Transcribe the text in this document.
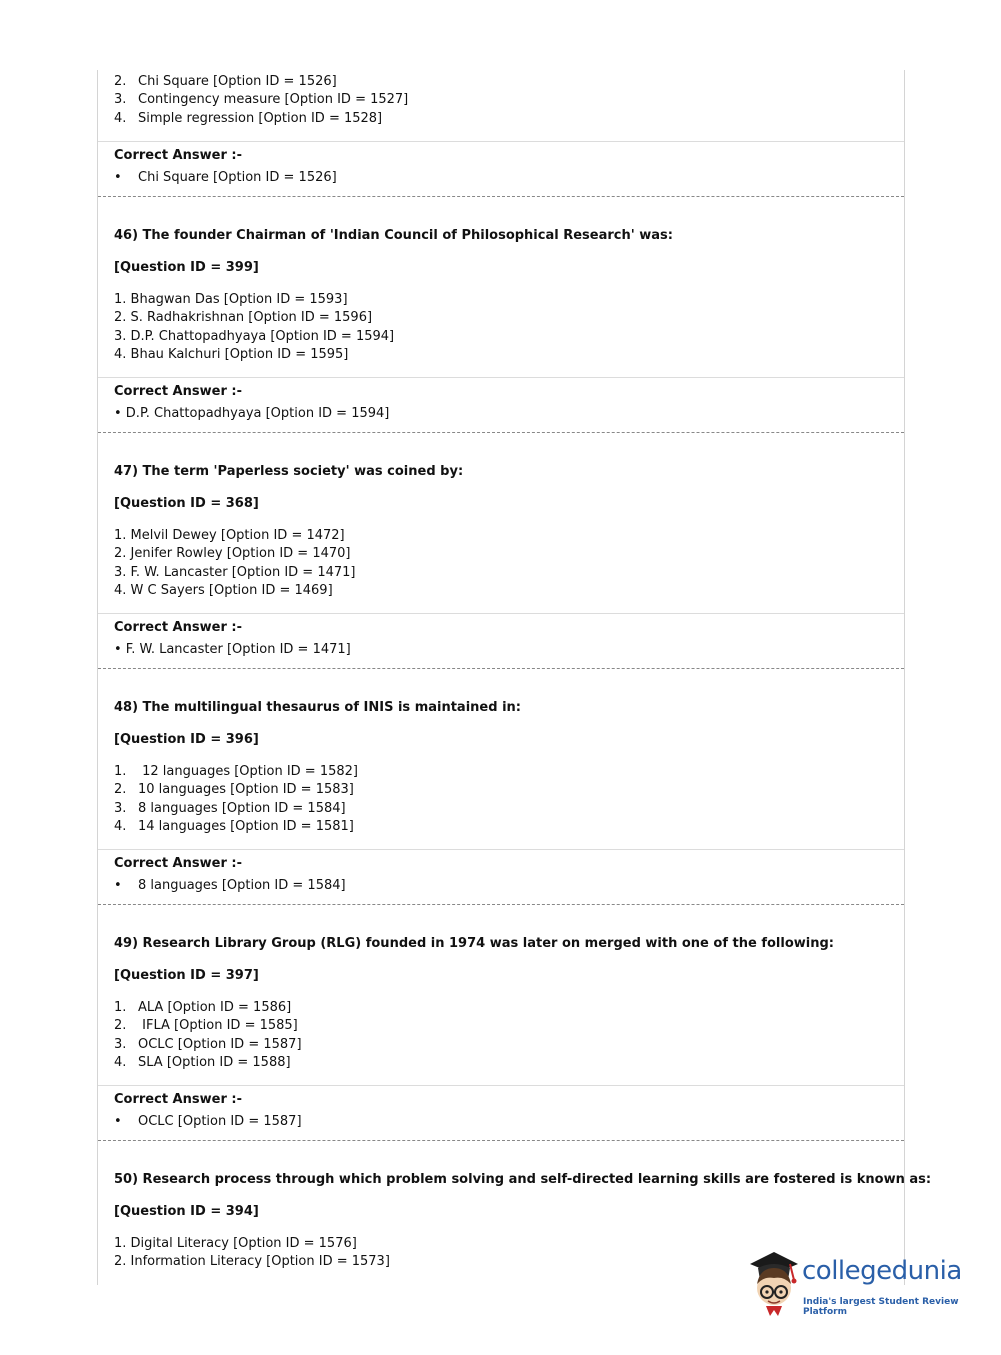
2. Chi Square [Option ID = 1526]
3. Contingency measure [Option ID = 1527]
4. Simple regression [Option ID = 1528]
Correct Answer :-
• Chi Square [Option ID = 1526]
46) The founder Chairman of 'Indian Council of Philosophical Research' was:
[Question ID = 399]
1. Bhagwan Das [Option ID = 1593]
2. S. Radhakrishnan [Option ID = 1596]
3. D.P. Chattopadhyaya [Option ID = 1594]
4. Bhau Kalchuri [Option ID = 1595]
Correct Answer :-
• D.P. Chattopadhyaya [Option ID = 1594]
47) The term 'Paperless society' was coined by:
[Question ID = 368]
1. Melvil Dewey [Option ID = 1472]
2. Jenifer Rowley [Option ID = 1470]
3. F. W. Lancaster [Option ID = 1471]
4. W C Sayers [Option ID = 1469]
Correct Answer :-
• F. W. Lancaster [Option ID = 1471]
48) The multilingual thesaurus of INIS is maintained in:
[Question ID = 396]
1. 12 languages [Option ID = 1582]
2. 10 languages [Option ID = 1583]
3. 8 languages [Option ID = 1584]
4. 14 languages [Option ID = 1581]
Correct Answer :-
• 8 languages [Option ID = 1584]
49) Research Library Group (RLG) founded in 1974 was later on merged with one of the following:
[Question ID = 397]
1. ALA [Option ID = 1586]
2. IFLA [Option ID = 1585]
3. OCLC [Option ID = 1587]
4. SLA [Option ID = 1588]
Correct Answer :-
• OCLC [Option ID = 1587]
50) Research process through which problem solving and self-directed learning skills are fostered is known as:
[Question ID = 394]
1. Digital Literacy [Option ID = 1576]
2. Information Literacy [Option ID = 1573]	collegedunia
India's largest Student Review Platform
